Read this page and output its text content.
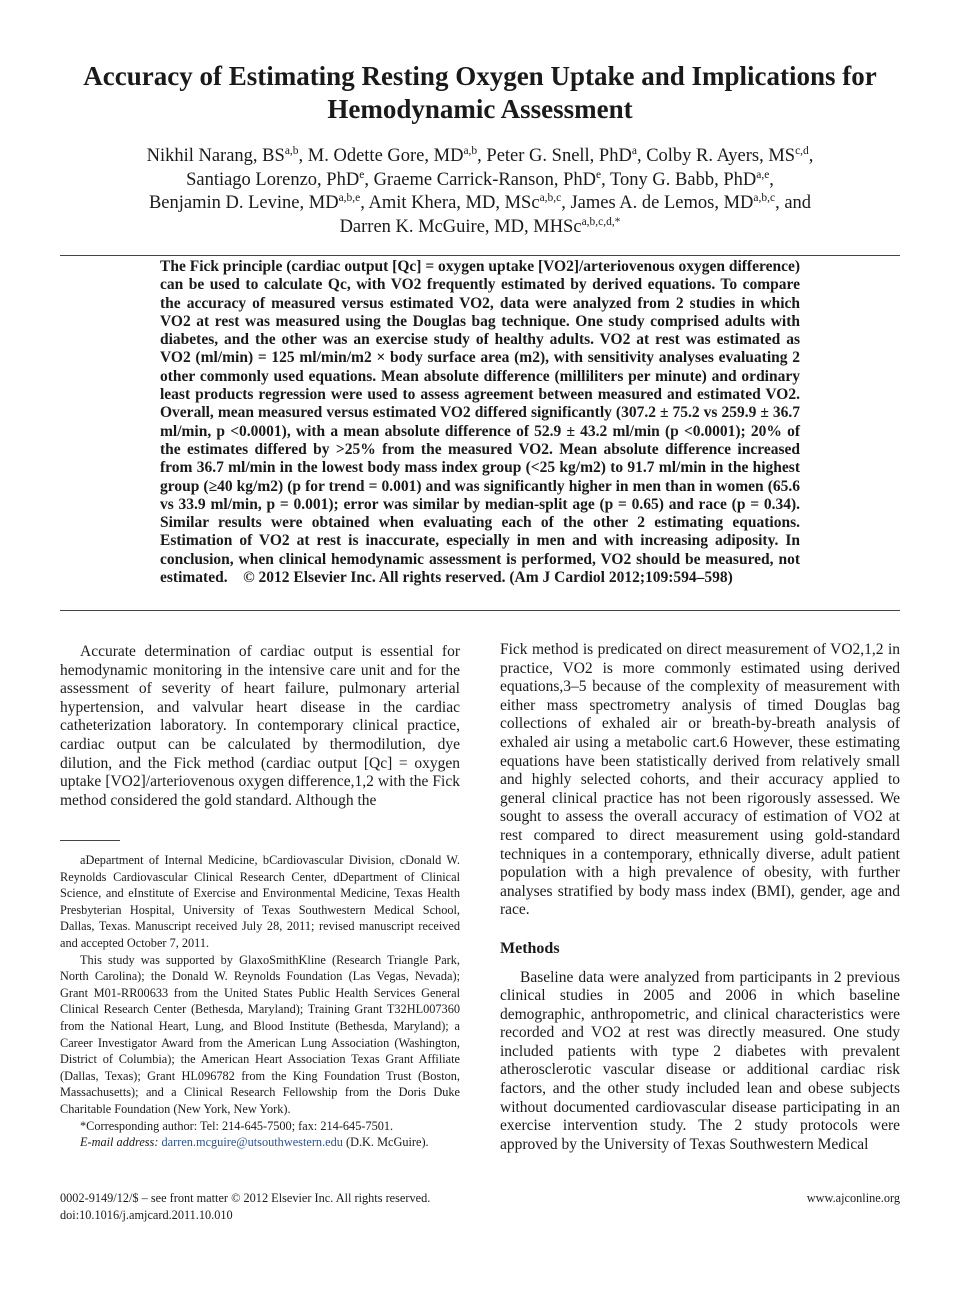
Accuracy of Estimating Resting Oxygen Uptake and Implications for Hemodynamic Assessment
Nikhil Narang, BS$^{a,b}$, M. Odette Gore, MD$^{a,b}$, Peter G. Snell, PhD$^a$, Colby R. Ayers, MS$^{c,d}$,
Santiago Lorenzo, PhD$^e$, Graeme Carrick-Ranson, PhD$^e$, Tony G. Babb, PhD$^{a,e}$,
Benjamin D. Levine, MD$^{a,b,e}$, Amit Khera, MD, MSc$^{a,b,c}$, James A. de Lemos, MD$^{a,b,c}$, and
Darren K. McGuire, MD, MHSc$^{a,b,c,d,*}$
The Fick principle (cardiac output [Qc] = oxygen uptake [VO2]/arteriovenous oxygen difference) can be used to calculate Qc, with VO2 frequently estimated by derived equations. To compare the accuracy of measured versus estimated VO2, data were analyzed from 2 studies in which VO2 at rest was measured using the Douglas bag technique. One study comprised adults with diabetes, and the other was an exercise study of healthy adults. VO2 at rest was estimated as VO2 (ml/min) = 125 ml/min/m2 × body surface area (m2), with sensitivity analyses evaluating 2 other commonly used equations. Mean absolute difference (milliliters per minute) and ordinary least products regression were used to assess agreement between measured and estimated VO2. Overall, mean measured versus estimated VO2 differed significantly (307.2 ± 75.2 vs 259.9 ± 36.7 ml/min, p <0.0001), with a mean absolute difference of 52.9 ± 43.2 ml/min (p <0.0001); 20% of the estimates differed by >25% from the measured VO2. Mean absolute difference increased from 36.7 ml/min in the lowest body mass index group (<25 kg/m2) to 91.7 ml/min in the highest group (≥40 kg/m2) (p for trend = 0.001) and was significantly higher in men than in women (65.6 vs 33.9 ml/min, p = 0.001); error was similar by median-split age (p = 0.65) and race (p = 0.34). Similar results were obtained when evaluating each of the other 2 estimating equations. Estimation of VO2 at rest is inaccurate, especially in men and with increasing adiposity. In conclusion, when clinical hemodynamic assessment is performed, VO2 should be measured, not estimated. © 2012 Elsevier Inc. All rights reserved. (Am J Cardiol 2012;109:594–598)

Accurate determination of cardiac output is essential for hemodynamic monitoring in the intensive care unit and for the assessment of severity of heart failure, pulmonary arterial hypertension, and valvular heart disease in the cardiac catheterization laboratory. In contemporary clinical practice, cardiac output can be calculated by thermodilution, dye dilution, and the Fick method (cardiac output [Qc] = oxygen uptake [VO2]/arteriovenous oxygen difference,1,2 with the Fick method considered the gold standard. Although the

aDepartment of Internal Medicine, bCardiovascular Division, cDonald W. Reynolds Cardiovascular Clinical Research Center, dDepartment of Clinical Science, and eInstitute of Exercise and Environmental Medicine, Texas Health Presbyterian Hospital, University of Texas Southwestern Medical School, Dallas, Texas. Manuscript received July 28, 2011; revised manuscript received and accepted October 7, 2011.

This study was supported by GlaxoSmithKline (Research Triangle Park, North Carolina); the Donald W. Reynolds Foundation (Las Vegas, Nevada); Grant M01-RR00633 from the United States Public Health Services General Clinical Research Center (Bethesda, Maryland); Training Grant T32HL007360 from the National Heart, Lung, and Blood Institute (Bethesda, Maryland); a Career Investigator Award from the American Lung Association (Washington, District of Columbia); the American Heart Association Texas Grant Affiliate (Dallas, Texas); Grant HL096782 from the King Foundation Trust (Boston, Massachusetts); and a Clinical Research Fellowship from the Doris Duke Charitable Foundation (New York, New York).

*Corresponding author: Tel: 214-645-7500; fax: 214-645-7501.

E-mail address: darren.mcguire@utsouthwestern.edu (D.K. McGuire).

Fick method is predicated on direct measurement of VO2,1,2 in practice, VO2 is more commonly estimated using derived equations,3–5 because of the complexity of measurement with either mass spectrometry analysis of timed Douglas bag collections of exhaled air or breath-by-breath analysis of exhaled air using a metabolic cart.6 However, these estimating equations have been statistically derived from relatively small and highly selected cohorts, and their accuracy applied to general clinical practice has not been rigorously assessed. We sought to assess the overall accuracy of estimation of VO2 at rest compared to direct measurement using gold-standard techniques in a contemporary, ethnically diverse, adult patient population with a high prevalence of obesity, with further analyses stratified by body mass index (BMI), gender, age and race.

Methods

Baseline data were analyzed from participants in 2 previous clinical studies in 2005 and 2006 in which baseline demographic, anthropometric, and clinical characteristics were recorded and VO2 at rest was directly measured. One study included patients with type 2 diabetes with prevalent atherosclerotic vascular disease or additional cardiac risk factors, and the other study included lean and obese subjects without documented cardiovascular disease participating in an exercise intervention study. The 2 study protocols were approved by the University of Texas Southwestern Medical

0002-9149/12/$ – see front matter © 2012 Elsevier Inc. All rights reserved.
doi:10.1016/j.amjcard.2011.10.010
www.ajconline.org
